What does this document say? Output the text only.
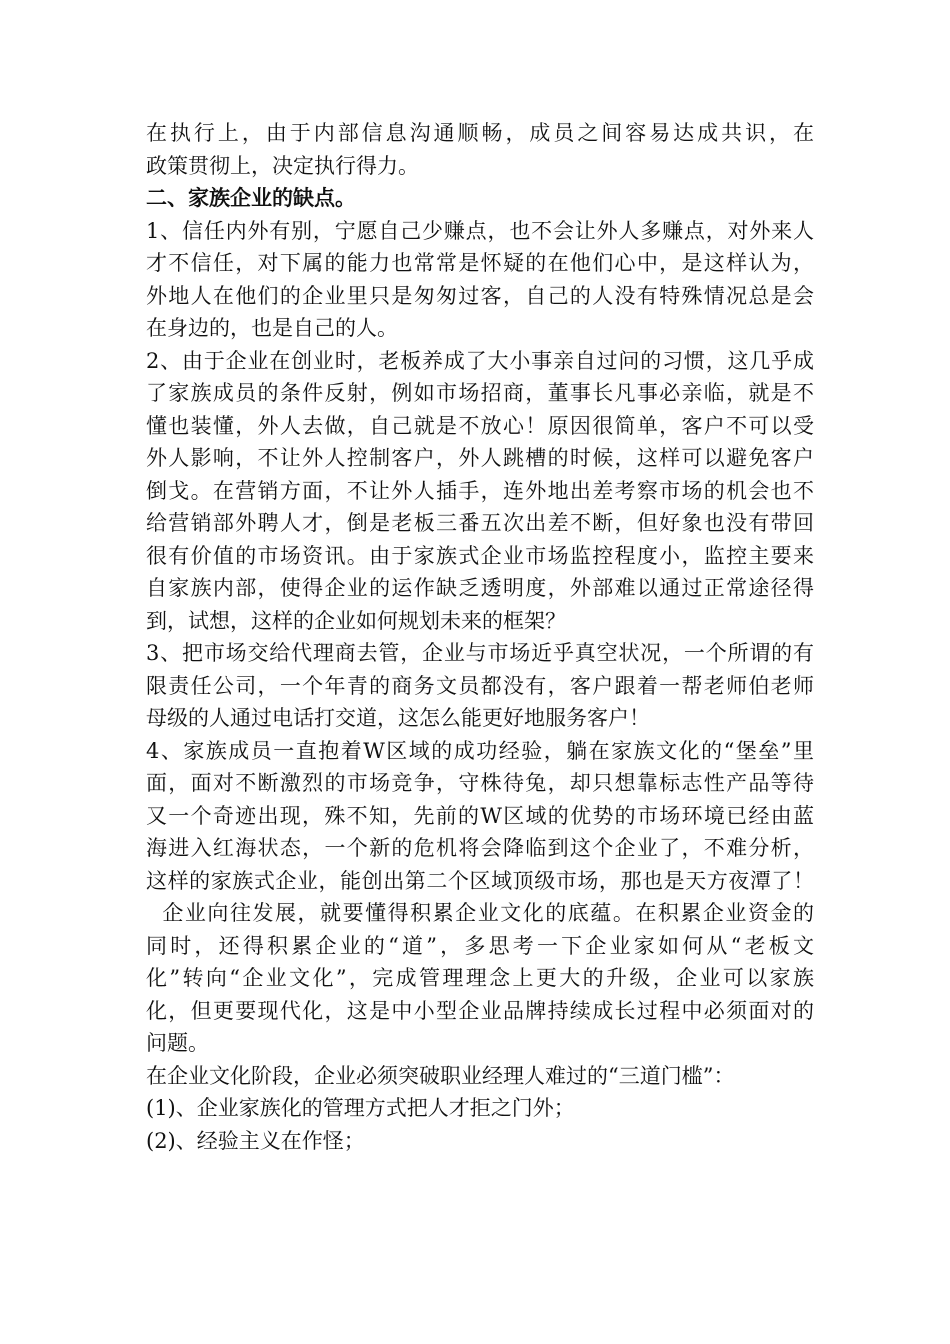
在执行上，由于内部信息沟通顺畅，成员之间容易达成共识，在
政策贯彻上，决定执行得力。
二、家族企业的缺点。
1、信任内外有别，宁愿自己少赚点，也不会让外人多赚点，对外来人
才不信任，对下属的能力也常常是怀疑的在他们心中，是这样认为，
外地人在他们的企业里只是匆匆过客，自己的人没有特殊情况总是会
在身边的，也是自己的人。
2、由于企业在创业时，老板养成了大小事亲自过问的习惯，这几乎成
了家族成员的条件反射，例如市场招商，董事长凡事必亲临，就是不
懂也装懂，外人去做，自己就是不放心！原因很简单，客户不可以受
外人影响，不让外人控制客户，外人跳槽的时候，这样可以避免客户
倒戈。在营销方面，不让外人插手，连外地出差考察市场的机会也不
给营销部外聘人才，倒是老板三番五次出差不断，但好象也没有带回
很有价值的市场资讯。由于家族式企业市场监控程度小，监控主要来
自家族内部，使得企业的运作缺乏透明度，外部难以通过正常途径得
到，试想，这样的企业如何规划未来的框架？
3、把市场交给代理商去管，企业与市场近乎真空状况，一个所谓的有
限责任公司，一个年青的商务文员都没有，客户跟着一帮老师伯老师
母级的人通过电话打交道，这怎么能更好地服务客户！
4、家族成员一直抱着W区域的成功经验，躺在家族文化的“堡垒”里
面，面对不断激烈的市场竞争，守株待兔，却只想靠标志性产品等待
又一个奇迹出现，殊不知，先前的W区域的优势的市场环境已经由蓝
海进入红海状态，一个新的危机将会降临到这个企业了，不难分析，
这样的家族式企业，能创出第二个区域顶级市场，那也是天方夜潭了！
企业向往发展，就要懂得积累企业文化的底蕴。在积累企业资金的
同时，还得积累企业的“道”，多思考一下企业家如何从“老板文
化”转向“企业文化”，完成管理理念上更大的升级，企业可以家族
化，但更要现代化，这是中小型企业品牌持续成长过程中必须面对的
问题。
在企业文化阶段，企业必须突破职业经理人难过的“三道门槛”：
(1)、企业家族化的管理方式把人才拒之门外；
(2)、经验主义在作怪；
